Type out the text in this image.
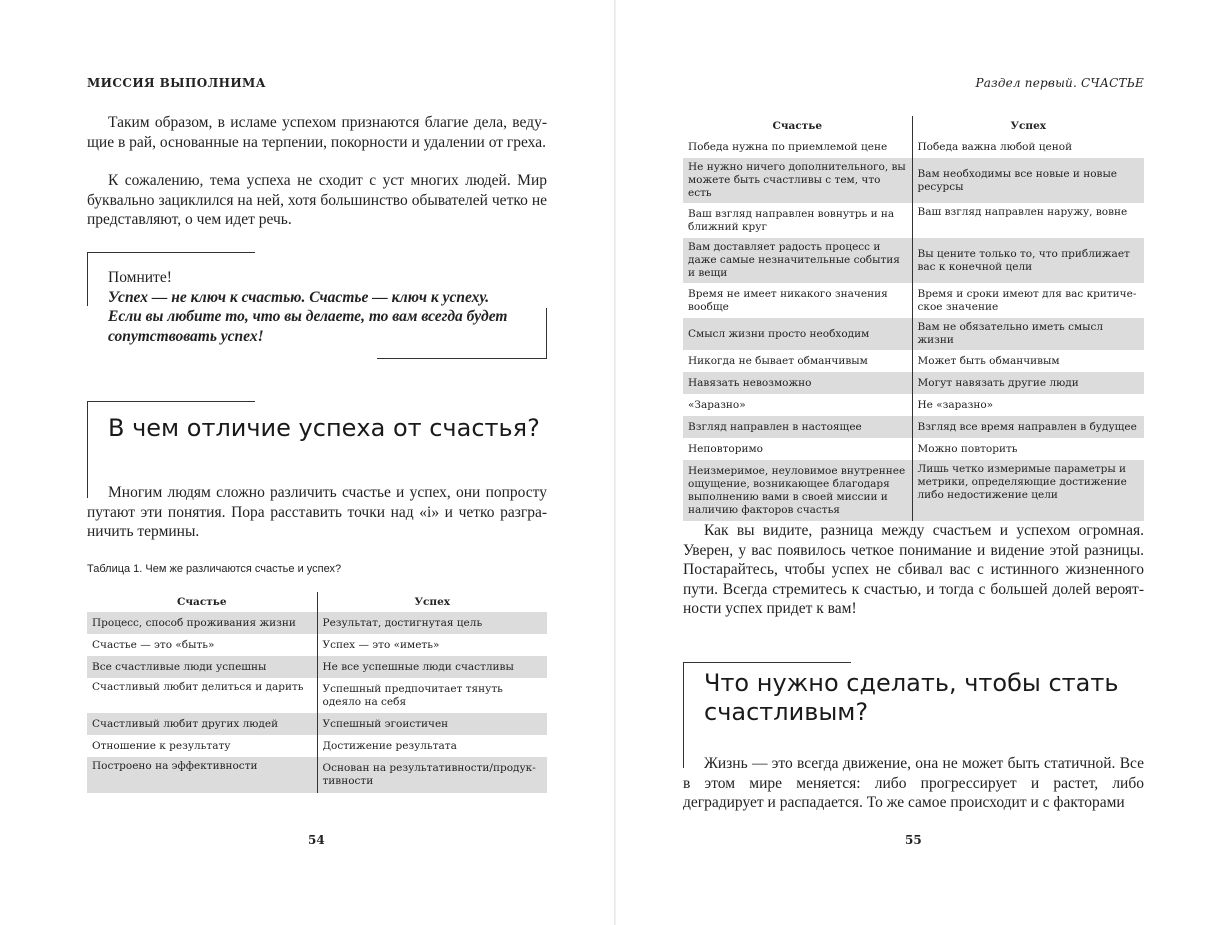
МИССИЯ ВЫПОЛНИМА

Таким образом, в исламе успехом признаются благие дела, веду- щие в рай, основанные на терпении, покорности и удалении от греха.

К сожалению, тема успеха не сходит с уст многих людей. Мир буквально зациклился на ней, хотя большинство обывателей четко не представляют, о чем идет речь.

Помните!
Успех — не ключ к счастью. Счастье — ключ к успеху.
Если вы любите то, что вы делаете, то вам всегда будет
сопутствовать успех!
В чем отличие успеха от счастья?

Многим людям сложно различить счастье и успех, они попросту путают эти понятия. Пора расставить точки над «i» и четко разгра- ничить термины.

Таблица 1. Чем же различаются счастье и успех?
Счастье	Успех
Процесс, способ проживания жизни	Результат, достигнутая цель
Счастье — это «быть»	Успех — это «иметь»
Все счастливые люди успешны	Не все успешные люди счастливы
Счастливый любит делиться и дарить	Успешный предпочитает тянуть одеяло на себя
Счастливый любит других людей	Успешный эгоистичен
Отношение к результату	Достижение результата
Построено на эффективности	Основан на результативности/продук- тивности
54
Раздел первый. СЧАСТЬЕ
Счастье	Успех
Победа нужна по приемлемой цене	Победа важна любой ценой
Не нужно ничего дополнительного, вы можете быть счастливы с тем, что есть	Вам необходимы все новые и новые ресурсы
Ваш взгляд направлен вовнутрь и на ближний круг	Ваш взгляд направлен наружу, вовне
Вам доставляет радость процесс и даже самые незначительные события и вещи	Вы цените только то, что приближает вас к конечной цели
Время не имеет никакого значения вообще	Время и сроки имеют для вас критиче- ское значение
Смысл жизни просто необходим	Вам не обязательно иметь смысл жизни
Никогда не бывает обманчивым	Может быть обманчивым
Навязать невозможно	Могут навязать другие люди
«Заразно»	Не «заразно»
Взгляд направлен в настоящее	Взгляд все время направлен в будущее
Неповторимо	Можно повторить
Неизмеримое, неуловимое внутреннее ощущение, возникающее благодаря выполнению вами в своей миссии и наличию факторов счастья	Лишь четко измеримые параметры и метрики, определяющие достижение либо недостижение цели

Как вы видите, разница между счастьем и успехом огромная. Уверен, у вас появилось четкое понимание и видение этой разницы. Постарайтесь, чтобы успех не сбивал вас с истинного жизненного пути. Всегда стремитесь к счастью, и тогда с большей долей вероят- ности успех придет к вам!

Что нужно сделать, чтобы стать счастливым?

Жизнь — это всегда движение, она не может быть статичной. Все в этом мире меняется: либо прогрессирует и растет, либо деградирует и распадается. То же самое происходит и с факторами

55
